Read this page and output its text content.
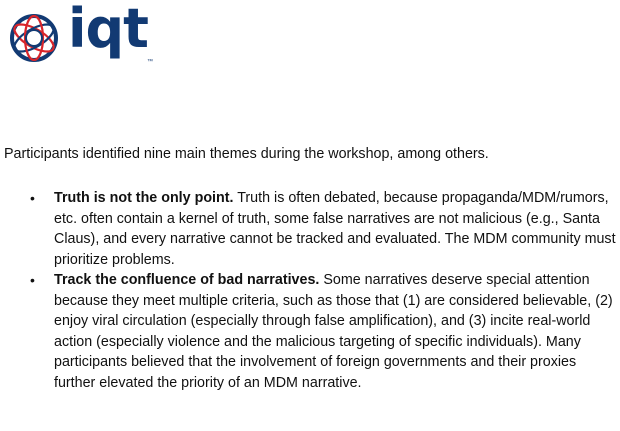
iqt
™

Participants identified nine main themes during the workshop, among others.

• Truth is not the only point. Truth is often debated, because propaganda/MDM/rumors, etc. often contain a kernel of truth, some false narratives are not malicious (e.g., Santa Claus), and every narrative cannot be tracked and evaluated. The MDM community must prioritize problems.
• Track the confluence of bad narratives. Some narratives deserve special attention because they meet multiple criteria, such as those that (1) are considered believable, (2) enjoy viral circulation (especially through false amplification), and (3) incite real-world action (especially violence and the malicious targeting of specific individuals). Many participants believed that the involvement of foreign governments and their proxies further elevated the priority of an MDM narrative.
